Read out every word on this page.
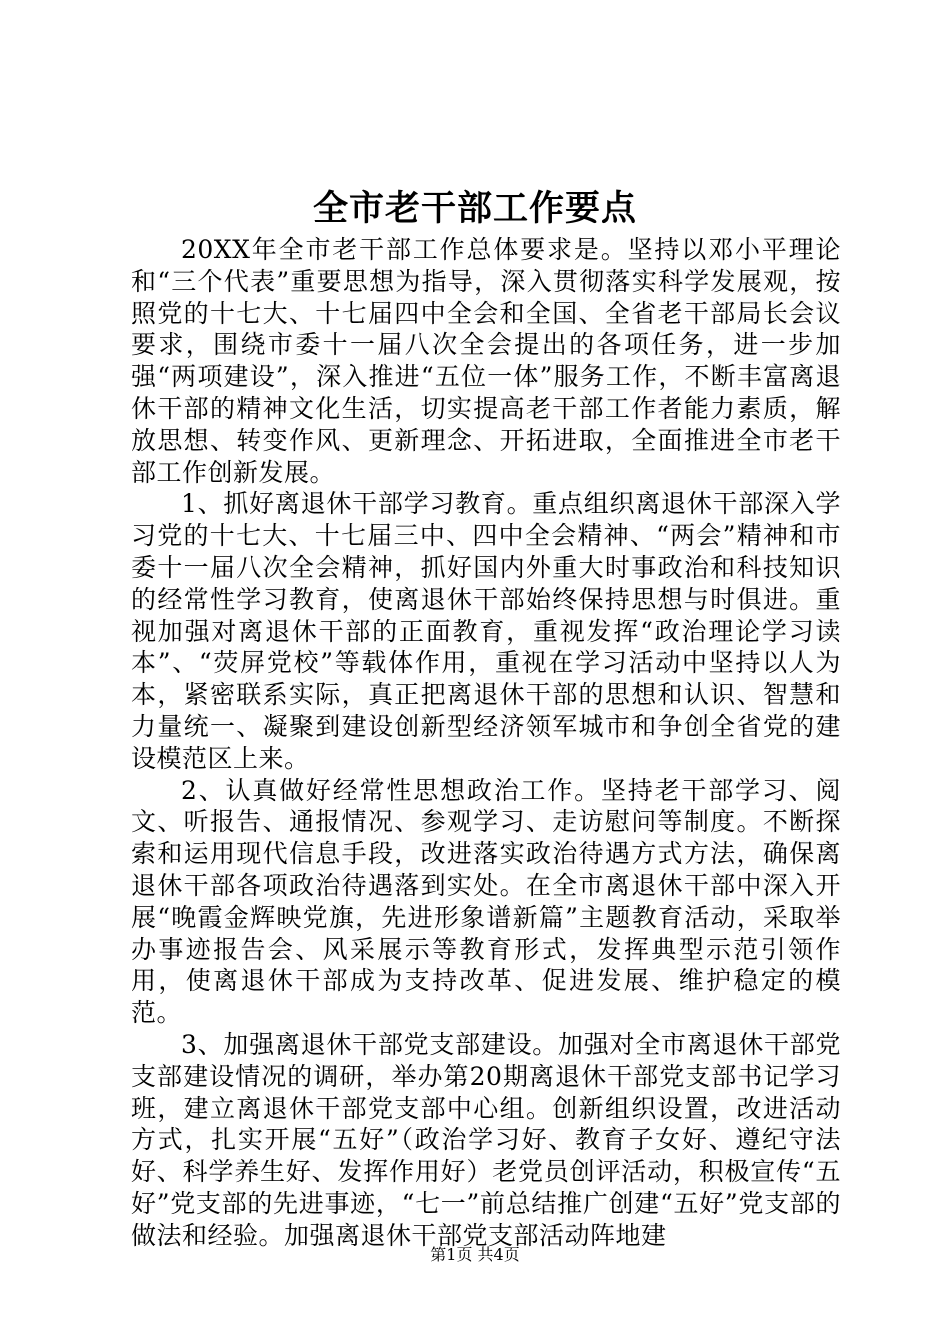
全市老干部工作要点

20XX年全市老干部工作总体要求是。坚持以邓小平理论和“三个代表”重要思想为指导，深入贯彻落实科学发展观，按照党的十七大、十七届四中全会和全国、全省老干部局长会议要求，围绕市委十一届八次全会提出的各项任务，进一步加强“两项建设”，深入推进“五位一体”服务工作，不断丰富离退休干部的精神文化生活，切实提高老干部工作者能力素质，解放思想、转变作风、更新理念、开拓进取，全面推进全市老干部工作创新发展。

1、抓好离退休干部学习教育。重点组织离退休干部深入学习党的十七大、十七届三中、四中全会精神、“两会”精神和市委十一届八次全会精神，抓好国内外重大时事政治和科技知识的经常性学习教育，使离退休干部始终保持思想与时俱进。重视加强对离退休干部的正面教育，重视发挥“政治理论学习读本”、“荧屏党校”等载体作用，重视在学习活动中坚持以人为本，紧密联系实际，真正把离退休干部的思想和认识、智慧和力量统一、凝聚到建设创新型经济领军城市和争创全省党的建设模范区上来。

2、认真做好经常性思想政治工作。坚持老干部学习、阅文、听报告、通报情况、参观学习、走访慰问等制度。不断探索和运用现代信息手段，改进落实政治待遇方式方法，确保离退休干部各项政治待遇落到实处。在全市离退休干部中深入开展“晚霞金辉映党旗，先进形象谱新篇”主题教育活动，采取举办事迹报告会、风采展示等教育形式，发挥典型示范引领作用，使离退休干部成为支持改革、促进发展、维护稳定的模范。

3、加强离退休干部党支部建设。加强对全市离退休干部党支部建设情况的调研，举办第20期离退休干部党支部书记学习班，建立离退休干部党支部中心组。创新组织设置，改进活动方式，扎实开展“五好”（政治学习好、教育子女好、遵纪守法好、科学养生好、发挥作用好）老党员创评活动，积极宣传“五好”党支部的先进事迹，“七一”前总结推广创建“五好”党支部的做法和经验。加强离退休干部党支部活动阵地建

第1页 共4页
